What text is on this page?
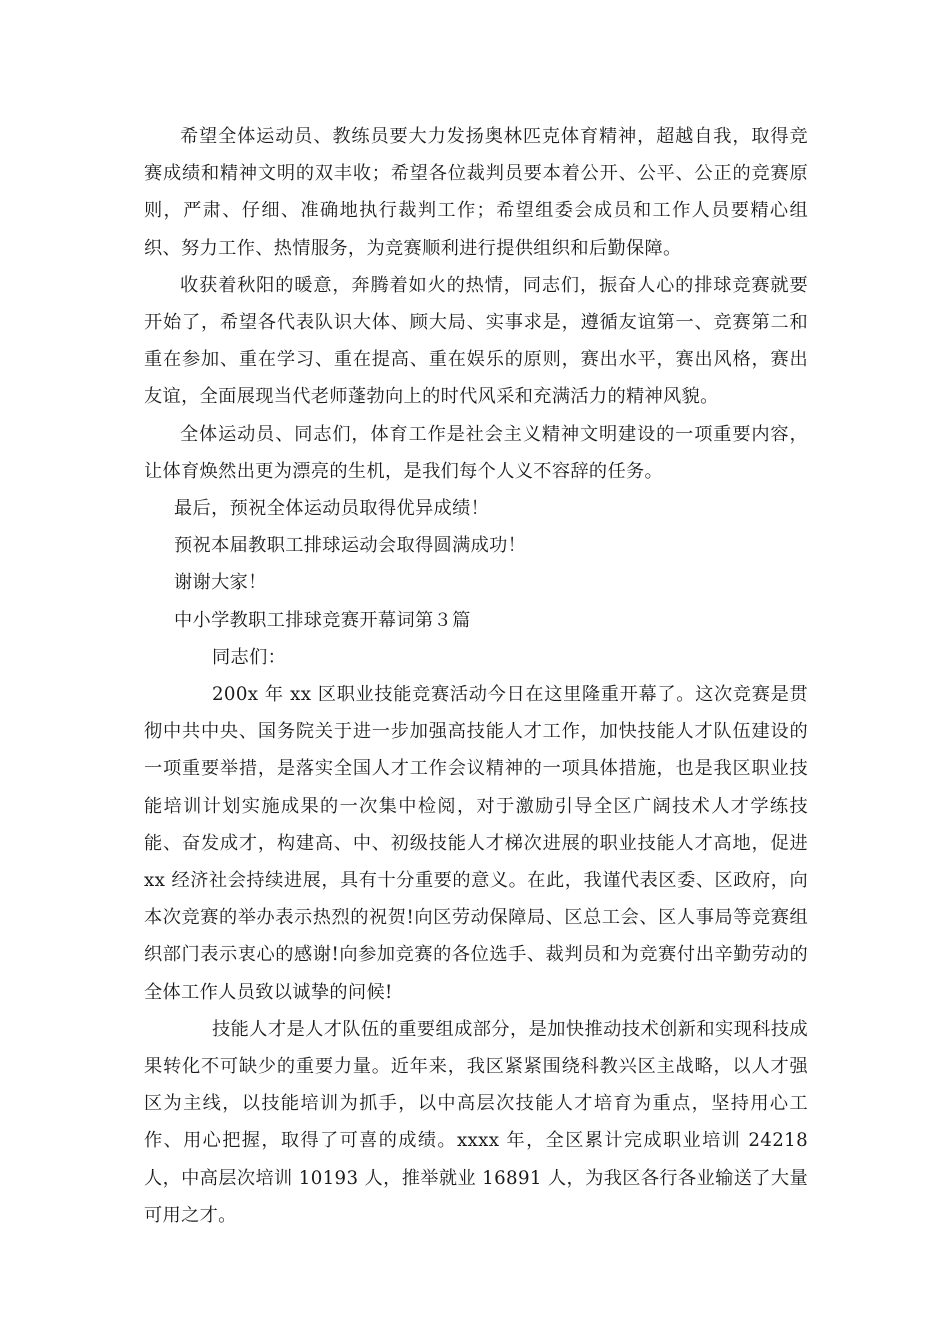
希望全体运动员、教练员要大力发扬奥林匹克体育精神，超越自我，取得竞赛成绩和精神文明的双丰收；希望各位裁判员要本着公开、公平、公正的竞赛原则，严肃、仔细、准确地执行裁判工作；希望组委会成员和工作人员要精心组织、努力工作、热情服务，为竞赛顺利进行提供组织和后勤保障。

收获着秋阳的暖意，奔腾着如火的热情，同志们，振奋人心的排球竞赛就要开始了，希望各代表队识大体、顾大局、实事求是，遵循友谊第一、竞赛第二和重在参加、重在学习、重在提高、重在娱乐的原则，赛出水平，赛出风格，赛出友谊，全面展现当代老师蓬勃向上的时代风采和充满活力的精神风貌。

全体运动员、同志们，体育工作是社会主义精神文明建设的一项重要内容，让体育焕然出更为漂亮的生机，是我们每个人义不容辞的任务。

最后，预祝全体运动员取得优异成绩！

预祝本届教职工排球运动会取得圆满成功！

谢谢大家！

中小学教职工排球竞赛开幕词第３篇

同志们：

200x 年 xx 区职业技能竞赛活动今日在这里隆重开幕了。这次竞赛是贯彻中共中央、国务院关于进一步加强高技能人才工作，加快技能人才队伍建设的一项重要举措，是落实全国人才工作会议精神的一项具体措施，也是我区职业技能培训计划实施成果的一次集中检阅，对于激励引导全区广阔技术人才学练技能、奋发成才，构建高、中、初级技能人才梯次进展的职业技能人才高地，促进 xx 经济社会持续进展，具有十分重要的意义。在此，我谨代表区委、区政府，向本次竞赛的举办表示热烈的祝贺!向区劳动保障局、区总工会、区人事局等竞赛组织部门表示衷心的感谢!向参加竞赛的各位选手、裁判员和为竞赛付出辛勤劳动的全体工作人员致以诚挚的问候!

技能人才是人才队伍的重要组成部分，是加快推动技术创新和实现科技成果转化不可缺少的重要力量。近年来，我区紧紧围绕科教兴区主战略，以人才强区为主线，以技能培训为抓手，以中高层次技能人才培育为重点，坚持用心工作、用心把握，取得了可喜的成绩。xxxx 年，全区累计完成职业培训 24218 人，中高层次培训 10193 人，推举就业 16891 人，为我区各行各业输送了大量可用之才。
